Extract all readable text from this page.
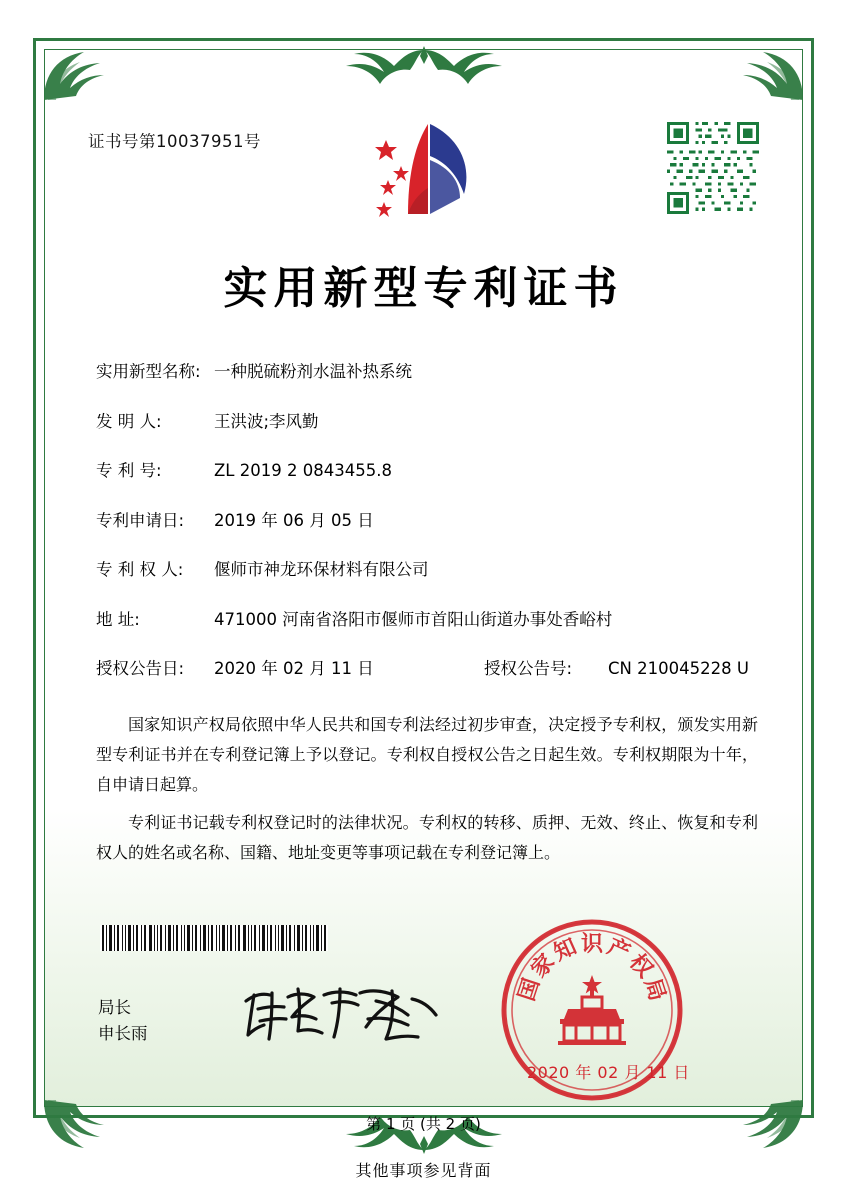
证书号第10037951号
实用新型专利证书
实用新型名称: 一种脱硫粉剂水温补热系统
发 明 人:	王洪波;李风勤
专 利 号:	ZL 2019 2 0843455.8
专利申请日:	2019 年 06 月 05 日
专 利 权 人:	偃师市神龙环保材料有限公司
地 址:	471000 河南省洛阳市偃师市首阳山街道办事处香峪村
授权公告日:	2020 年 02 月 11 日	授权公告号:	CN 210045228 U

国家知识产权局依照中华人民共和国专利法经过初步审查，决定授予专利权，颁发实用新型专利证书并在专利登记簿上予以登记。专利权自授权公告之日起生效。专利权期限为十年，自申请日起算。

专利证书记载专利权登记时的法律状况。专利权的转移、质押、无效、终止、恢复和专利权人的姓名或名称、国籍、地址变更等事项记载在专利登记簿上。

局长
申长雨
国
家
知 识 产
权
局
2020 年 02 月 11 日
第 1 页 (共 2 页)
其他事项参见背面
